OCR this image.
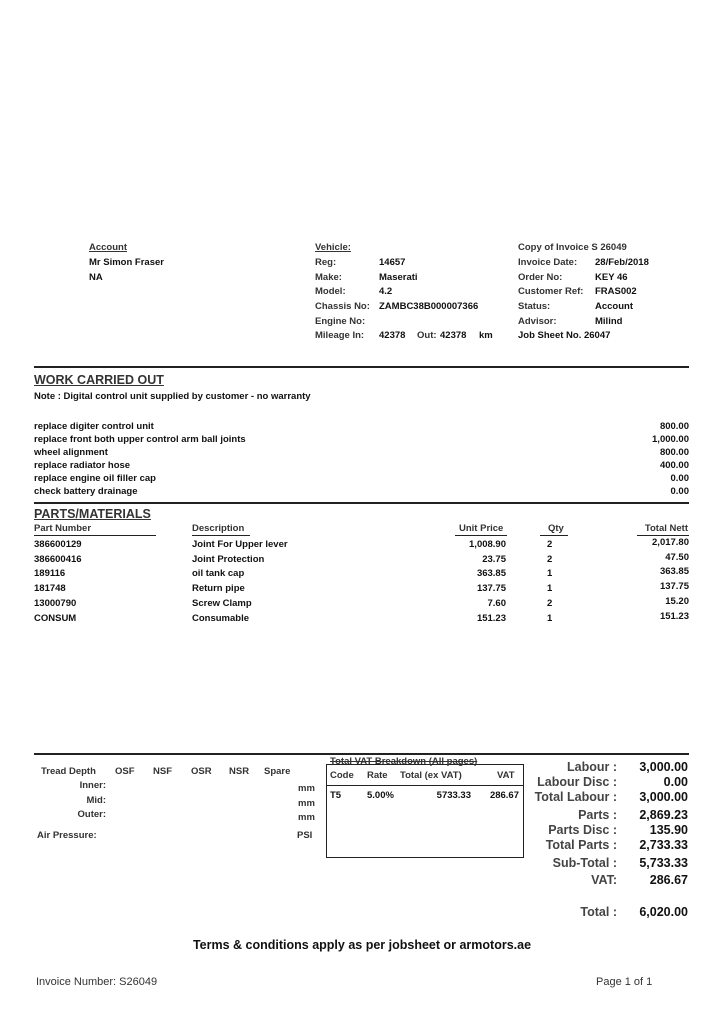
Account
Mr Simon Fraser
NA
Vehicle:
Reg:	14657
Make:	Maserati
Model:	4.2
Chassis No: ZAMBC38B000007366
Engine No:
Mileage In: 42378 Out: 42378 km
Copy of Invoice S 26049
Invoice Date: 28/Feb/2018
Order No:	KEY 46
Customer Ref: FRAS002
Status:	Account
Advisor:	Milind
Job Sheet No. 26047
WORK CARRIED OUT
Note : Digital control unit supplied by customer - no warranty
replace digiter control unit	800.00
replace front both upper control arm ball joints	1,000.00
wheel alignment	800.00
replace radiator hose	400.00
replace engine oil filler cap	0.00
check battery drainage	0.00
PARTS/MATERIALS
Part Number	Description	Unit Price	Qty	Total Nett
386600129	Joint For Upper lever	1,008.90	2	2,017.80
386600416	Joint Protection	23.75	2	47.50
189116	oil tank cap	363.85	1	363.85
181748	Return pipe	137.75	1	137.75
13000790	Screw Clamp	7.60	2	15.20
CONSUM	Consumable	151.23	1	151.23
Tread Depth OSF NSF OSR NSR Spare
Inner:	mm
Mid:	mm
Outer:	mm
Air Pressure:	PSI
Total VAT Breakdown (All pages)
Code Rate Total (ex VAT)	VAT
T5	5.00%	5733.33	286.67
Labour :	3,000.00
Labour Disc :	0.00
Total Labour :	3,000.00
Parts :	2,869.23
Parts Disc :	135.90
Total Parts :	2,733.33
Sub-Total :	5,733.33
VAT:	286.67
Total :	6,020.00
Terms & conditions apply as per jobsheet or armotors.ae
Invoice Number: S26049	Page 1 of 1
